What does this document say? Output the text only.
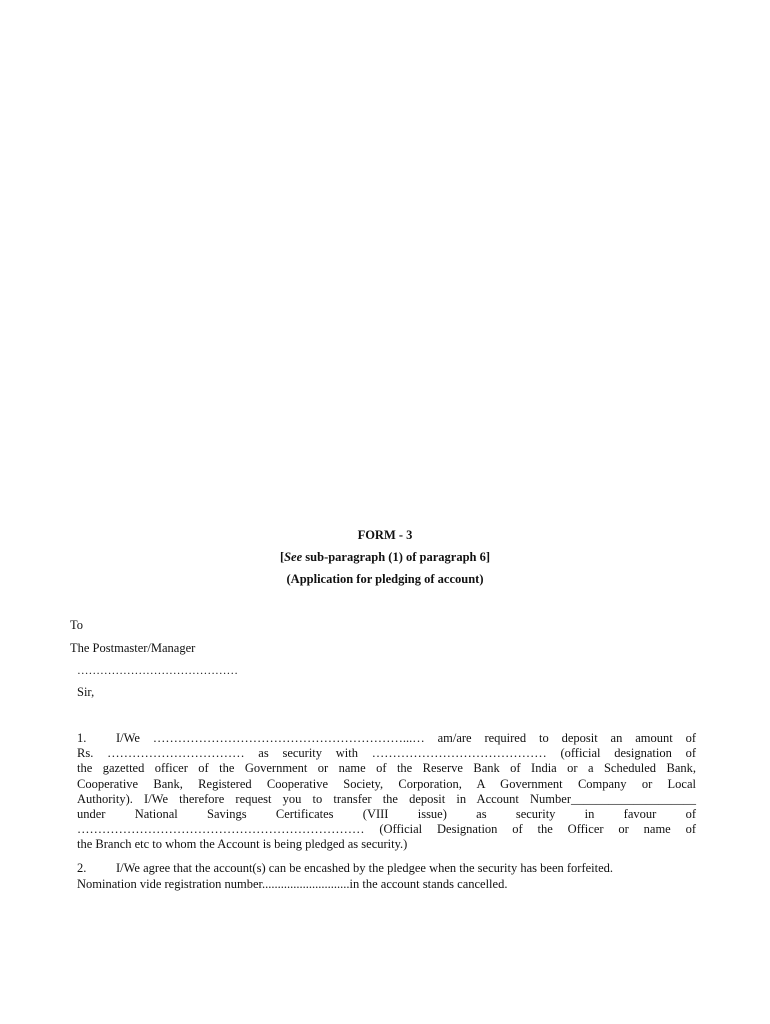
FORM - 3
[See sub-paragraph (1) of paragraph 6]
(Application for pledging of account)
To
The Postmaster/Manager
……………………………………
Sir,
1. I/We ……………………………………………………...… am/are required to deposit an amount of
Rs. …………………………… as security with …………………………………… (official designation of
the gazetted officer of the Government or name of the Reserve Bank of India or a Scheduled Bank,
Cooperative Bank, Registered Cooperative Society, Corporation, A Government Company or Local
Authority). I/We therefore request you to transfer the deposit in Account Number____________________
under National Savings Certificates (VIII issue) as security in favour of
…………………………………………………………… (Official Designation of the Officer or name of
the Branch etc to whom the Account is being pledged as security.)
2. I/We agree that the account(s) can be encashed by the pledgee when the security has been forfeited.
Nomination vide registration number............................in the account stands cancelled.
